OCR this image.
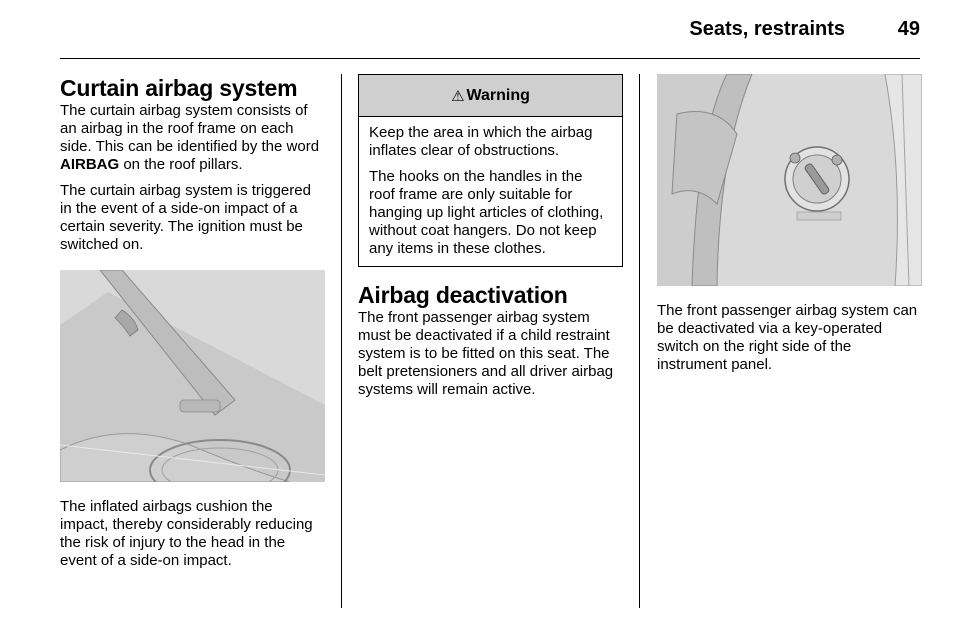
Seats, restraints	49
Curtain airbag system

The curtain airbag system consists of an airbag in the roof frame on each side. This can be identified by the word AIRBAG on the roof pillars.

The curtain airbag system is triggered in the event of a side-on impact of a certain severity. The ignition must be switched on.

The inflated airbags cushion the impact, thereby considerably reducing the risk of injury to the head in the event of a side-on impact.

⚠ Warning

Keep the area in which the airbag inflates clear of obstructions.

The hooks on the handles in the roof frame are only suitable for hanging up light articles of clothing, without coat hangers. Do not keep any items in these clothes.

Airbag deactivation

The front passenger airbag system must be deactivated if a child restraint system is to be fitted on this seat. The belt pretensioners and all driver airbag systems will remain active.

The front passenger airbag system can be deactivated via a key-operated switch on the right side of the instrument panel.
